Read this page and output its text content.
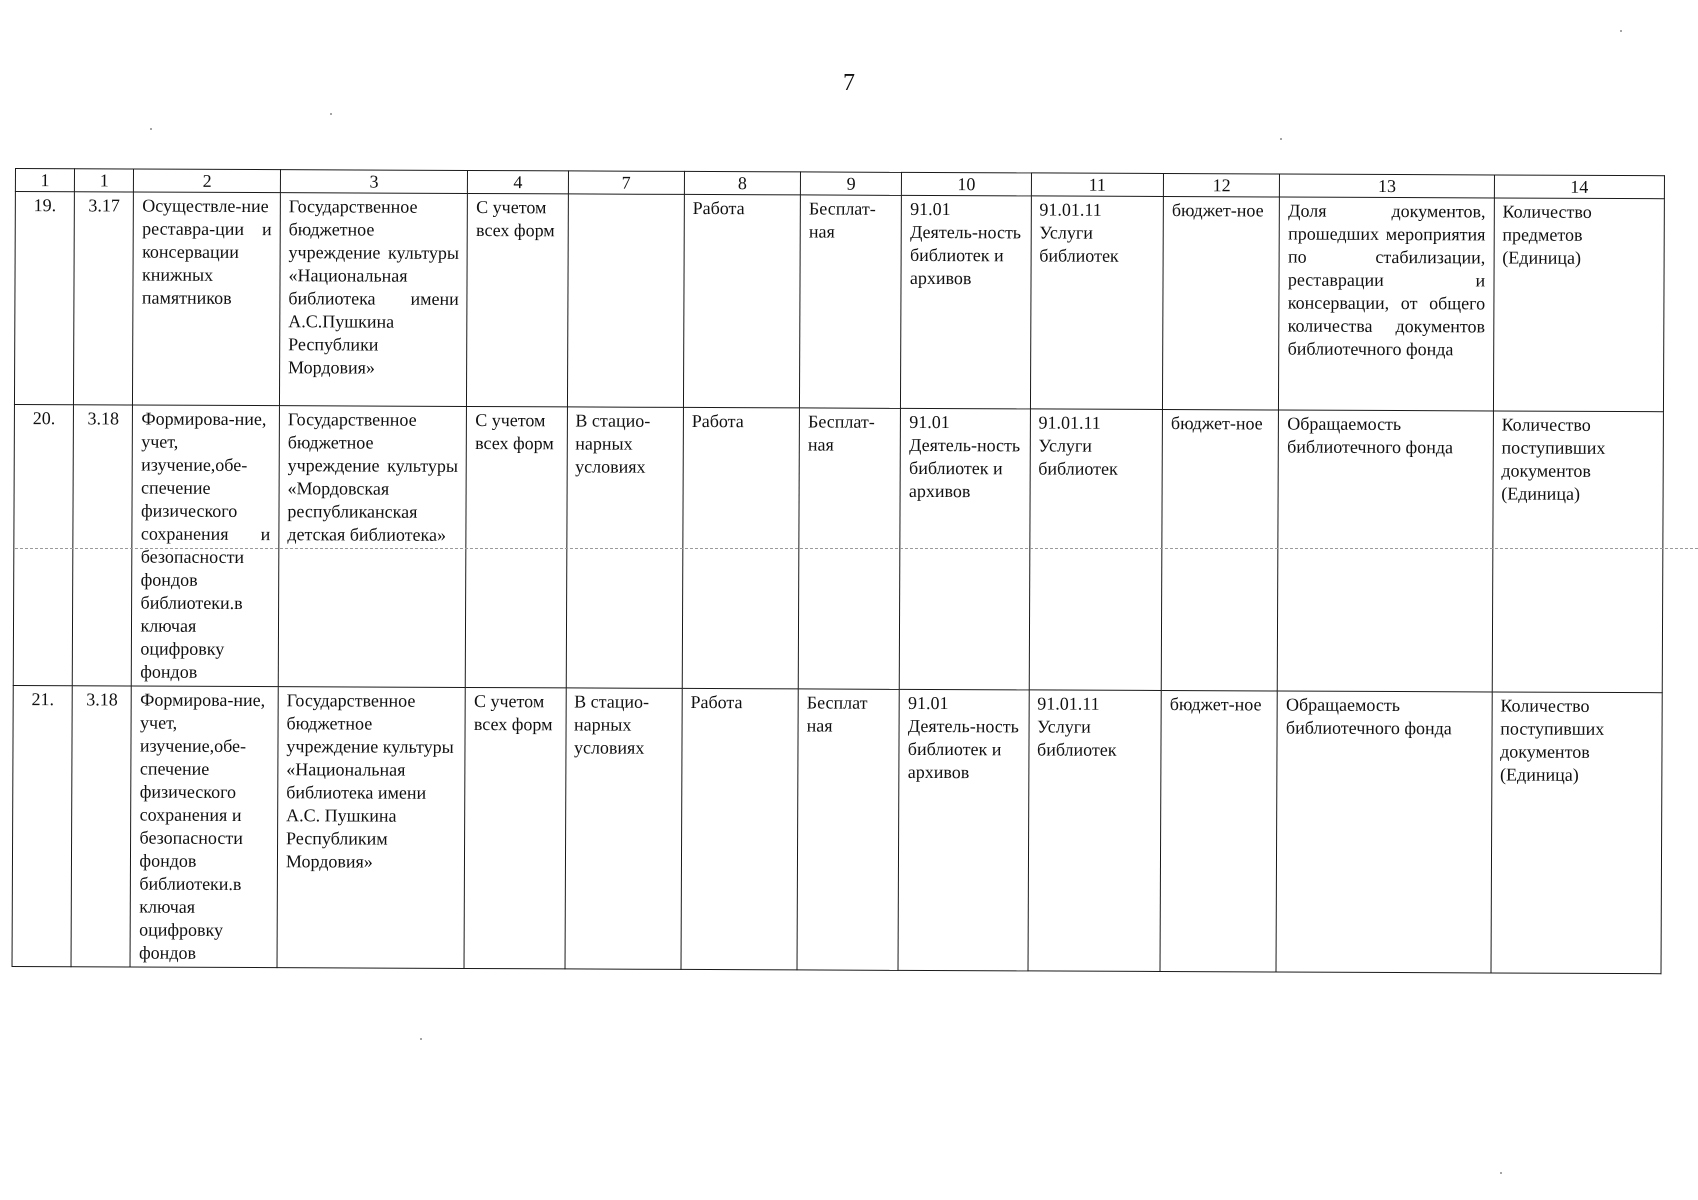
7
1	1	2	3	4	7	8	9	10	11	12	13	14
19.	3.17	Осуществле-ние реставра-ции и консервации книжных памятников	Государственное бюджетное учреждение культуры «Национальная библиотека имени А.С.Пушкина Республики Мордовия»	С учетом всех форм		Работа	Бесплат-ная	91.01 Деятель-ность библиотек и архивов	91.01.11 Услуги библиотек	бюджет-ное	Доля документов, прошедших мероприятия по стабилизации, реставрации и консервации, от общего количества документов библиотечного фонда	Количество предметов (Единица)
20.	3.18	Формирова-ние, учет, изучение,обе-спечение физического сохранения и безопасности фондов библиотеки.в ключая оцифровку фондов	Государственное бюджетное учреждение культуры «Мордовская республиканская детская библиотека»	С учетом всех форм	В стацио-нарных условиях	Работа	Бесплат-ная	91.01 Деятель-ность библиотек и архивов	91.01.11 Услуги библиотек	бюджет-ное	Обращаемость библиотечного фонда	Количество поступивших документов (Единица)
21.	3.18	Формирова-ние, учет, изучение,обе-спечение физического сохранения и безопасности фондов библиотеки.в ключая оцифровку фондов	Государственное бюджетное учреждение культуры «Национальная библиотека имени А.С. Пушкина Республиким Мордовия»	С учетом всех форм	В стацио-нарных условиях	Работа	Бесплат ная	91.01 Деятель-ность библиотек и архивов	91.01.11 Услуги библиотек	бюджет-ное	Обращаемость библиотечного фонда	Количество поступивших документов (Единица)
